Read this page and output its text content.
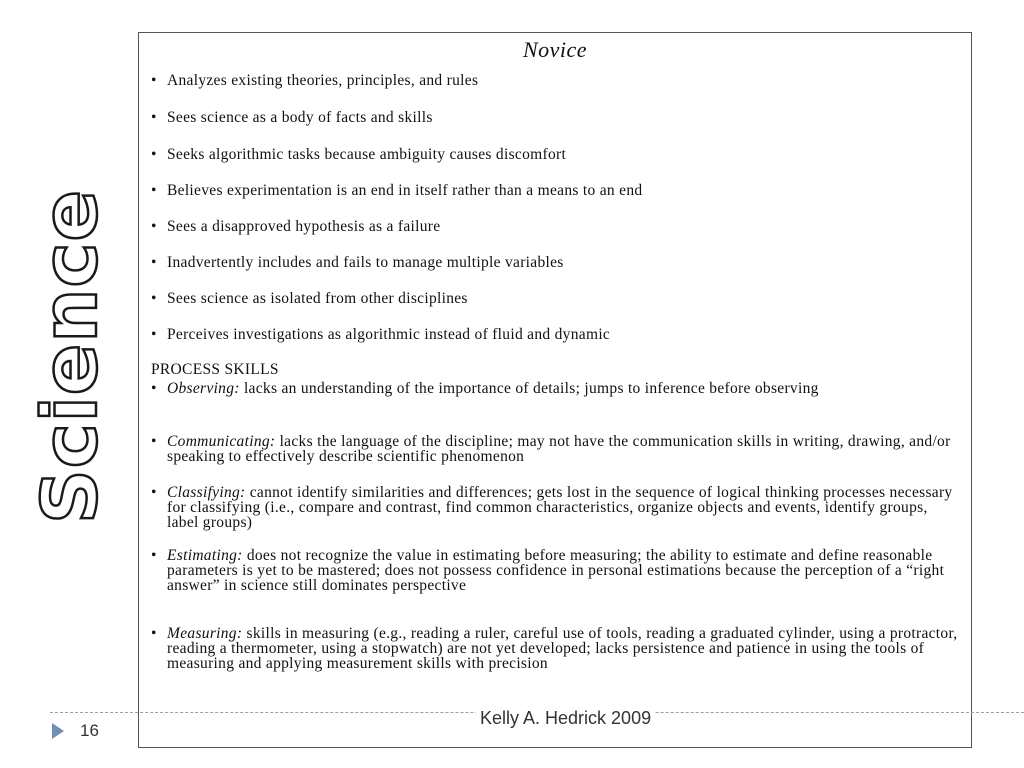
Science
Novice
• Analyzes existing theories, principles, and rules
• Sees science as a body of facts and skills
• Seeks algorithmic tasks because ambiguity causes discomfort
• Believes experimentation is an end in itself rather than a means to an end
• Sees a disapproved hypothesis as a failure
• Inadvertently includes and fails to manage multiple variables
• Sees science as isolated from other disciplines
• Perceives investigations as algorithmic instead of fluid and dynamic
PROCESS SKILLS
• Observing: lacks an understanding of the importance of details; jumps to inference before observing
• Communicating: lacks the language of the discipline; may not have the communication skills in writing, drawing, and/or speaking to effectively describe scientific phenomenon
• Classifying: cannot identify similarities and differences; gets lost in the sequence of logical thinking processes necessary for classifying (i.e., compare and contrast, find common characteristics, organize objects and events, identify groups, label groups)
• Estimating: does not recognize the value in estimating before measuring; the ability to estimate and define reasonable parameters is yet to be mastered; does not possess confidence in personal estimations because the perception of a “right answer” in science still dominates perspective
• Measuring: skills in measuring (e.g., reading a ruler, careful use of tools, reading a graduated cylinder, using a protractor, reading a thermometer, using a stopwatch) are not yet developed; lacks persistence and patience in using the tools of measuring and applying measurement skills with precision
Kelly A. Hedrick 2009
16
